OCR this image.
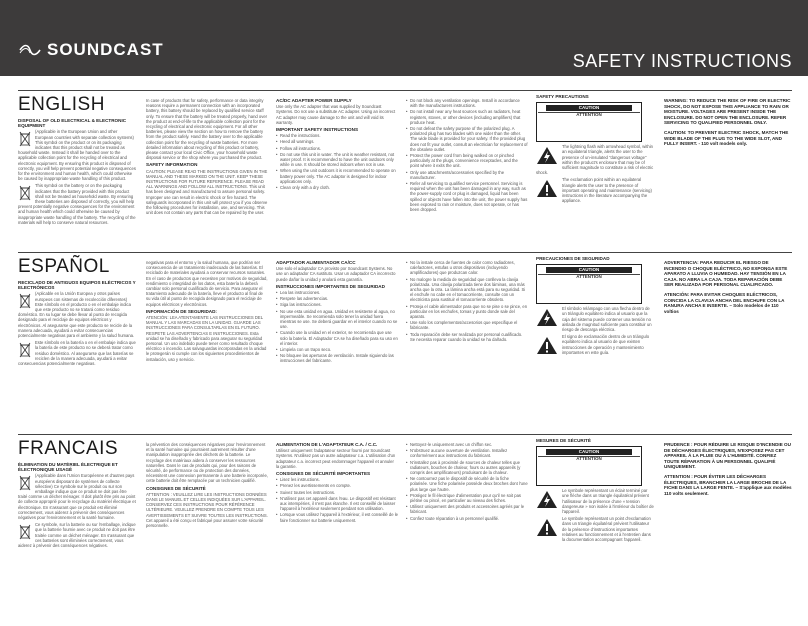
SOUNDCAST
SAFETY INSTRUCTIONS
ENGLISH

DISPOSAL OF OLD ELECTRICAL & ELECTRONIC EQUIPMENT

(Applicable in the European Union and other European countries with separate collection systems) This symbol on the product or on its packaging indicates that this product shall not be treated as household waste. Instead it shall be handed over to the applicable collection point for the recycling of electrical and electronic equipment. By ensuring this product is disposed of correctly, you will help prevent potential negative consequences for the environment and human health, which could otherwise be caused by inappropriate waste handling of this product.

This symbol on the battery or on the packaging indicates that the battery provided with this product shall not be treated as household waste. By ensuring these batteries are disposed of correctly, you will help prevent potentially negative consequences for the environment and human health which could otherwise be caused by inappropriate waste handling of the battery. The recycling of the materials will help to conserve natural resources.

In case of products that for safety, performance or data integrity reasons require a permanent connection with an incorporated battery, this battery should be replaced by qualified service staff only. To ensure that the battery will be treated properly, hand over the product at end-of-life to the applicable collection point for the recycling of electrical and electronic equipment. For all other batteries, please view the section on how to remove the battery from the product safely. Hand the battery over to the applicable collection point for the recycling of waste batteries. For more detailed information about recycling of this product or battery, please contact your local Civic Office, your household waste disposal service or the shop where you purchased the product.

SAFETY INFORMATION

CAUTION: PLEASE READ THE INSTRUCTIONS GIVEN IN THE MANUAL AND THESE MARKED ON THE UNIT. KEEP THESE INSTRUCTIONS FOR FUTURE REFERENCE. PLEASE READ ALL WARNINGS AND FOLLOW ALL INSTRUCTIONS. This unit has been designed and manufactured to assure personal safety. Improper use can result in electric shock or fire hazard. The safeguards incorporated in this unit will protect you if you observe the following procedures for installation, use, and servicing. This unit does not contain any parts that can be repaired by the user.

AC/DC ADAPTER POWER SUPPLY

Use only the AC adapter that was supplied by Soundcast Systems. Do not use a substitute AC adapter. Using an incorrect AC adapter may cause damage to the unit and will void its warranty.

IMPORTANT SAFETY INSTRUCTIONS

• Read the instructions.
• Heed all warnings.
• Follow all instructions.
• Do not use this unit in water. The unit is weather resistant, not water proof. It is recommended to have the unit outdoors only while in use. It should be stored indoors when not in use.
• When using the unit outdoors it is recommended to operate on battery power only. The AC adaptor is designed for indoor applications only.
• Clean only with a dry cloth.
• Do not block any ventilation openings. Install in accordance with the manufacturers instructions.
• Do not install near any heat sources such as radiators, heat registers, stoves, or other devices (including amplifiers) that produce heat.
• Do not defeat the safety purpose of the polarized plug. A polarized plug has two blades with one wider than the other. The wide blade is provided for your safety. If the provided plug does not fit your outlet, consult an electrician for replacement of the obsolete outlet.
• Protect the power cord from being walked on or pinched particularly at the plugs, convenience receptacles, and the point where it exits the unit.
• Only use attachments/accessories specified by the manufacturer.
• Refer all servicing to qualified service personnel. Servicing is required when the unit has been damaged in any way, such as the power-supply cord or plug is damaged, liquid has been spilled or objects have fallen into the unit, the power supply has been exposed to rain or moisture, does not operate, or has been dropped.

SAFETY PRECAUTIONS

CAUTION
ATTENTION

The lightning flash with arrowhead symbol, within an equilateral triangle, alerts the user to the presence of un-insulated "dangerous voltage" within the product's enclosure that may be of sufficient magnitude to constitute a risk of electric shock.

The exclamation point within an equilateral triangle alerts the user to the presence of important operating and maintenance (servicing) instructions in the literature accompanying the appliance.

WARNING: TO REDUCE THE RISK OF FIRE OR ELECTRIC SHOCK, DO NOT EXPOSE THIS APPLIANCE TO RAIN OR MOISTURE. VOLTAGES ARE PRESENT INSIDE THE ENCLOSURE. DO NOT OPEN THE ENCLOSURE. REFER SERVICING TO QUALIFIED PERSONNEL ONLY.

CAUTION: TO PREVENT ELECTRIC SHOCK, MATCH THE WIDE BLADE OF THE PLUG TO THE WIDE SLOT, AND FULLY INSERT. - 110 volt models only.

ESPAÑOL

RECICLADO DE ANTIGUOS EQUIPOS ELÉCTRICOS Y ELECTRÓNICOS

(Aplicable en la Unión Europea y otros países europeos con sistemas de recolección diferentes) Este símbolo en el producto o en el embalaje indica que este producto no se tratará como residuo doméstico. En su lugar se debe llevar al punto de recogida designado para el reciclaje de equipos eléctricos y electrónicos. Al asegurarse que este producto se recicle de la manera adecuada, ayudará a evitar consecuencias potencialmente negativas para el ambiente y la salud humana.

Este símbolo en la batería o en el embalaje indica que la batería de este producto no se deberá tratar como residuo doméstico. Al asegurarse que las baterías se reciclen de la manera adecuada, ayudará a evitar consecuencias potencialmente negativas.

negativas para el entorno y la salud humana, que podrían ser consecuencia de un tratamiento inadecuado de las baterías. El reciclado de materiales ayudará a conservar recursos naturales. En el caso de productos que necesiten por motivos de seguridad, rendimiento o integridad de los datos, esta batería la deberá cambiar solo personal cualificado de servicio. Para asegurar el tratamiento adecuado de la batería, lleve el producto al final de su vida útil al punto de recogida designado para el reciclaje de equipos eléctricos y electrónicos.

INFORMACIÓN DE SEGURIDAD:

ATENCIÓN: LEA ATENTAMENTE LAS INSTRUCCIONES DEL MANUAL Y LAS MARCADAS EN LA UNIDAD. GUARDE LAS INSTRUCCIONES PARA CONSULTARLAS EN EL FUTURO. RESPETE LAS ADVERTENCIAS E INSTRUCCIONES. Esta unidad se ha diseñado y fabricado para asegurar su seguridad personal. Un uso indebido puede tener como resultado choque eléctrico o incendio. Las salvaguardas incorporadas en la unidad le protegerán si cumple con los siguientes procedimientos de instalación, uso y servicio.

ADAPTADOR ALIMENTADOR CA/CC

Use solo el adaptador CA provisto por Soundcast Systems. No use un adaptador CA sustituto. Usar un adaptador CA incorrecto puede dañar la unidad y anulará esta garantía.

INSTRUCCIONES IMPORTANTES DE SEGURIDAD

• Lea las instrucciones.
• Respete las advertencias.
• Siga las instrucciones.
• No use esta unidad en agua. Unidad es resistente al agua, no impermeable. Se recomienda solo tener la unidad fuera mientras se use. Se deberá guardar en el interior cuando no se use.
• Cuando use la unidad en el exterior, se recomienda que use solo la batería. El Adaptador CA se ha diseñado para su uso en el interior.
• Limpiela con un trapo seco.
• No bloquee las aperturas de ventilación. Instale siguiendo las instrucciones del fabricante.
• No la instale cerca de fuentes de calor como radiadores, calefactores, estufas u otros dispositivos (incluyendo amplificadores) que produzcan calor.
• No malogre la medida de seguridad que conlleva la clavija polarizada. Una clavija polarizada tiene dos láminas, una más ancha que la otra. La lámina ancha está para su seguridad. Si el enchufe no cabe en el tomacorriente, consulte con un electricista para sustituir el tomacorriente obsoleto.
• Proteja el cable alimentador para que no se pise o se pince, en particular en los enchufes, tomas y punto donde sale del aparato.
• Use solo los complementos/accesorios que especifique el fabricante.
• Toda reparación debe ser realizada por personal cualificado. Se necesita reparar cuando la unidad se ha dañado.

PRECAUCIONES DE SEGURIDAD

CAUTION
ATTENTION

El símbolo relámpago con una flecha dentro de un triángulo equilátero indica al usuario que la caja del sistema puede contener una tensión no aislada de magnitud suficiente para constituir un riesgo de descarga eléctrica.

El signo de exclamación dentro de un triángulo equilátero indica al usuario de que existen instrucciones de operación y mantenimiento importantes en este guía.

ADVERTENCIA: PARA REDUCIR EL RIESGO DE INCENDIO O CHOQUE ELÉCTRICO, NO EXPONGA ESTE APARATO A LLUVIA O HUMEDAD. HAY TENSIÓN EN LA CAJA. NO ABRA LA CAJA. TODA REPARACIÓN DEBE SER REALIZADA POR PERSONAL CUALIFICADO.

ATENCIÓN: PARA EVITAR CHOQUES ELÉCTRICOS, COINCIDA LA CLAVIJA ANCHA DEL ENCHUFE CON LA RANURA ANCHA E INSERTE. – Solo modelos de 110 voltios

FRANCAIS

ÉLIMINATION DU MATÉRIEL ÉLECTRIQUE ET ÉLECTRONIQUE USAGÉ

(Applicable dans l'Union Européenne et d'autres pays européens disposant de systèmes de collecte sélective) Ce symbole sur le produit ou sur son emballage indique que ce produit ne doit pas être traité comme un déchet ménager. Il doit plutôt être pris au point de collecte approprié pour le recyclage du matériel électrique et électronique. En s'assurant que ce produit est éliminé correctement, vous aiderez à prévenir des conséquences négatives pour l'environnement et la santé humaine.

Ce symbole, sur la batterie ou sur l'emballage, indique que la batterie fournie avec ce produit ne doit pas être traitée comme un déchet ménager. En s'assurant que ces batteries sont éliminées correctement, vous aiderez à prévenir des conséquences négatives.

la prévention des conséquences négatives pour l'environnement et la santé humaine qui pourraient autrement résulter d'une manipulation inappropriée des déchets de la batterie. Le recyclage des matériaux aidera à conserver les ressources naturelles. Dans le cas de produits qui, pour des raisons de sécurité, de performance ou de protection des données, nécessitent une connexion permanente à une batterie incorporée, cette batterie doit être remplacée par un technicien qualifié.

CONSIGNES DE SÉCURITÉ

ATTENTION : VEUILLEZ LIRE LES INSTRUCTIONS DONNÉES DANS LE MANUEL ET CELLES INDIQUÉES SUR L'APPAREIL. CONSERVEZ CES INSTRUCTIONS POUR RÉFÉRENCE ULTÉRIEURE. VEUILLEZ PRENDRE EN COMPTE TOUS LES AVERTISSEMENTS ET SUIVRE TOUTES LES INSTRUCTIONS. Cet appareil a été conçu et fabriqué pour assurer votre sécurité personnelle.

ALIMENTATION DE L'ADAPTATEUR C.A. / C.C.

Utilisez uniquement l'adaptateur secteur fourni par Soundcast Systems. N'utilisez pas un autre adaptateur c.a. L'utilisation d'un adaptateur c.a. incorrect peut endommager l'appareil et annuler la garantie.

CONSIGNES DE SÉCURITÉ IMPORTANTES

• Lisez les instructions.
• Prenez les avertissements en compte.
• Suivez toutes les instructions.
• N'utilisez pas cet appareil dans l'eau. Le dispositif est résistant aux intempéries, il n'est pas étanche. Il est conseillé de laisser l'appareil à l'extérieur seulement pendant son utilisation.
• Lorsque vous utilisez l'appareil à l'extérieur, il est conseillé de le faire fonctionner sur batterie uniquement.
• Nettoyez-le uniquement avec un chiffon sec.
• N'obstruez aucune ouverture de ventilation. Installez conformément aux instructions du fabricant.
• N'installez pas à proximité de sources de chaleur telles que radiateurs, bouches de chaleur, fours ou autres appareils (y compris des amplificateurs) produisant de la chaleur.
• Ne contournez pas le dispositif de sécurité de la fiche polarisée. Une fiche polarisée possède deux broches dont l'une plus large que l'autre.
• Protégez le fil électrique d'alimentation pour qu'il ne soit pas piétiné ou pincé, en particulier au niveau des fiches.
• Utilisez uniquement des produits et accessoires agréés par le fabricant.
• Confiez toute réparation à un personnel qualifié.

MESURES DE SÉCURITÉ

CAUTION
ATTENTION

Le symbole représentant un éclair terminé par une flèche dans un triangle équilatéral prévient l'utilisateur de la présence d'une « tension dangereuse » non isolée à l'intérieur du boîtier de l'appareil.

Le symbole représentant un point d'exclamation dans un triangle équilatéral prévient l'utilisateur de la présence d'instructions importantes relatives au fonctionnement et à l'entretien dans la documentation accompagnant l'appareil.

PRUDENCE : POUR RÉDUIRE LE RISQUE D'INCENDIE OU DE DÉCHARGES ÉLECTRIQUES, N'EXPOSEZ PAS CET APPAREIL À LA PLUIE OU À L'HUMIDITÉ. CONFIEZ TOUTE RÉPARATION À UN PERSONNEL QUALIFIÉ UNIQUEMENT.

ATTENTION : POUR ÉVITER LES DÉCHARGES ÉLECTRIQUES, BRANCHER LA LARGE BROCHE DE LA FICHE DANS LA LARGE FENTE. – S'applique aux modèles 110 volts seulement.
